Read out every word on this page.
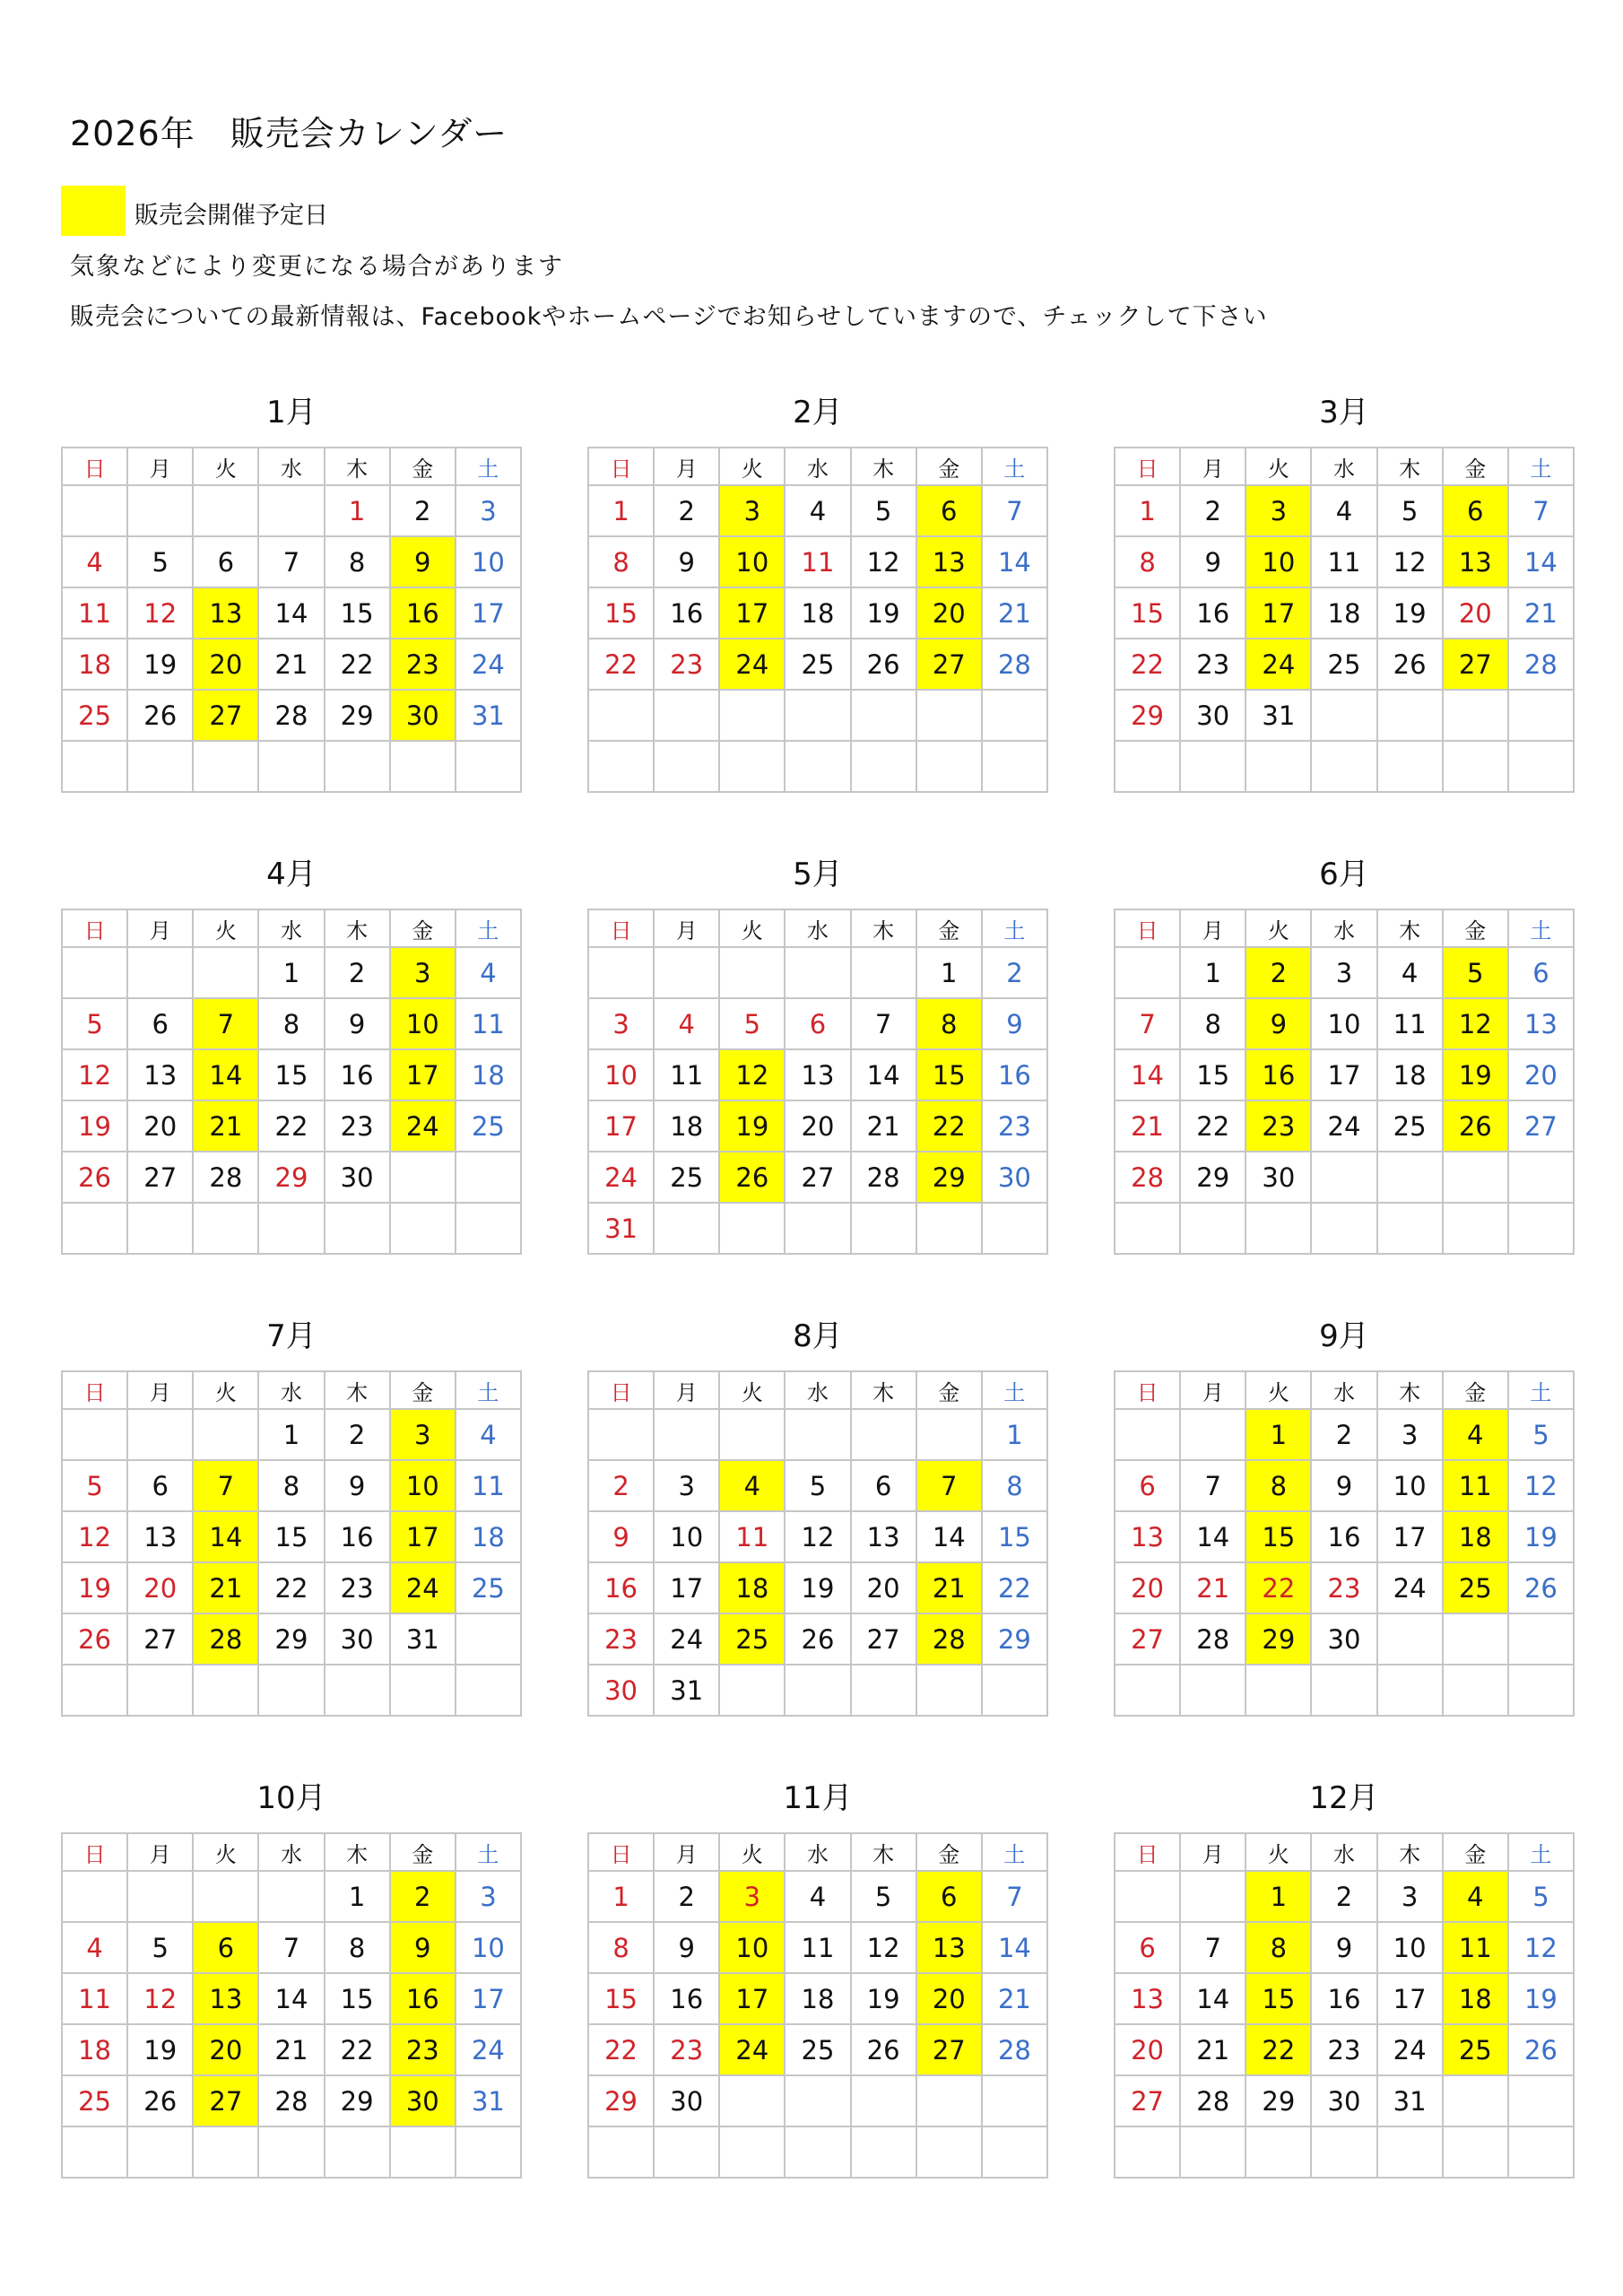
2026年　販売会カレンダー
販売会開催予定日
気象などにより変更になる場合があります
販売会についての最新情報は、Facebookやホームページでお知らせしていますので、チェックして下さい
1月
日	月	火	水	木	金	土
				1	2	3
4	5	6	7	8	9	10
11	12	13	14	15	16	17
18	19	20	21	22	23	24
25	26	27	28	29	30	31

2月
日	月	火	水	木	金	土
1	2	3	4	5	6	7
8	9	10	11	12	13	14
15	16	17	18	19	20	21
22	23	24	25	26	27	28

3月
日	月	火	水	木	金	土
1	2	3	4	5	6	7
8	9	10	11	12	13	14
15	16	17	18	19	20	21
22	23	24	25	26	27	28
29	30	31				

4月
日	月	火	水	木	金	土
			1	2	3	4
5	6	7	8	9	10	11
12	13	14	15	16	17	18
19	20	21	22	23	24	25
26	27	28	29	30		

5月
日	月	火	水	木	金	土
					1	2
3	4	5	6	7	8	9
10	11	12	13	14	15	16
17	18	19	20	21	22	23
24	25	26	27	28	29	30
31						
6月
日	月	火	水	木	金	土
	1	2	3	4	5	6
7	8	9	10	11	12	13
14	15	16	17	18	19	20
21	22	23	24	25	26	27
28	29	30				

7月
日	月	火	水	木	金	土
			1	2	3	4
5	6	7	8	9	10	11
12	13	14	15	16	17	18
19	20	21	22	23	24	25
26	27	28	29	30	31	

8月
日	月	火	水	木	金	土
						1
2	3	4	5	6	7	8
9	10	11	12	13	14	15
16	17	18	19	20	21	22
23	24	25	26	27	28	29
30	31					
9月
日	月	火	水	木	金	土
		1	2	3	4	5
6	7	8	9	10	11	12
13	14	15	16	17	18	19
20	21	22	23	24	25	26
27	28	29	30			

10月
日	月	火	水	木	金	土
				1	2	3
4	5	6	7	8	9	10
11	12	13	14	15	16	17
18	19	20	21	22	23	24
25	26	27	28	29	30	31

11月
日	月	火	水	木	金	土
1	2	3	4	5	6	7
8	9	10	11	12	13	14
15	16	17	18	19	20	21
22	23	24	25	26	27	28
29	30					

12月
日	月	火	水	木	金	土
		1	2	3	4	5
6	7	8	9	10	11	12
13	14	15	16	17	18	19
20	21	22	23	24	25	26
27	28	29	30	31		
